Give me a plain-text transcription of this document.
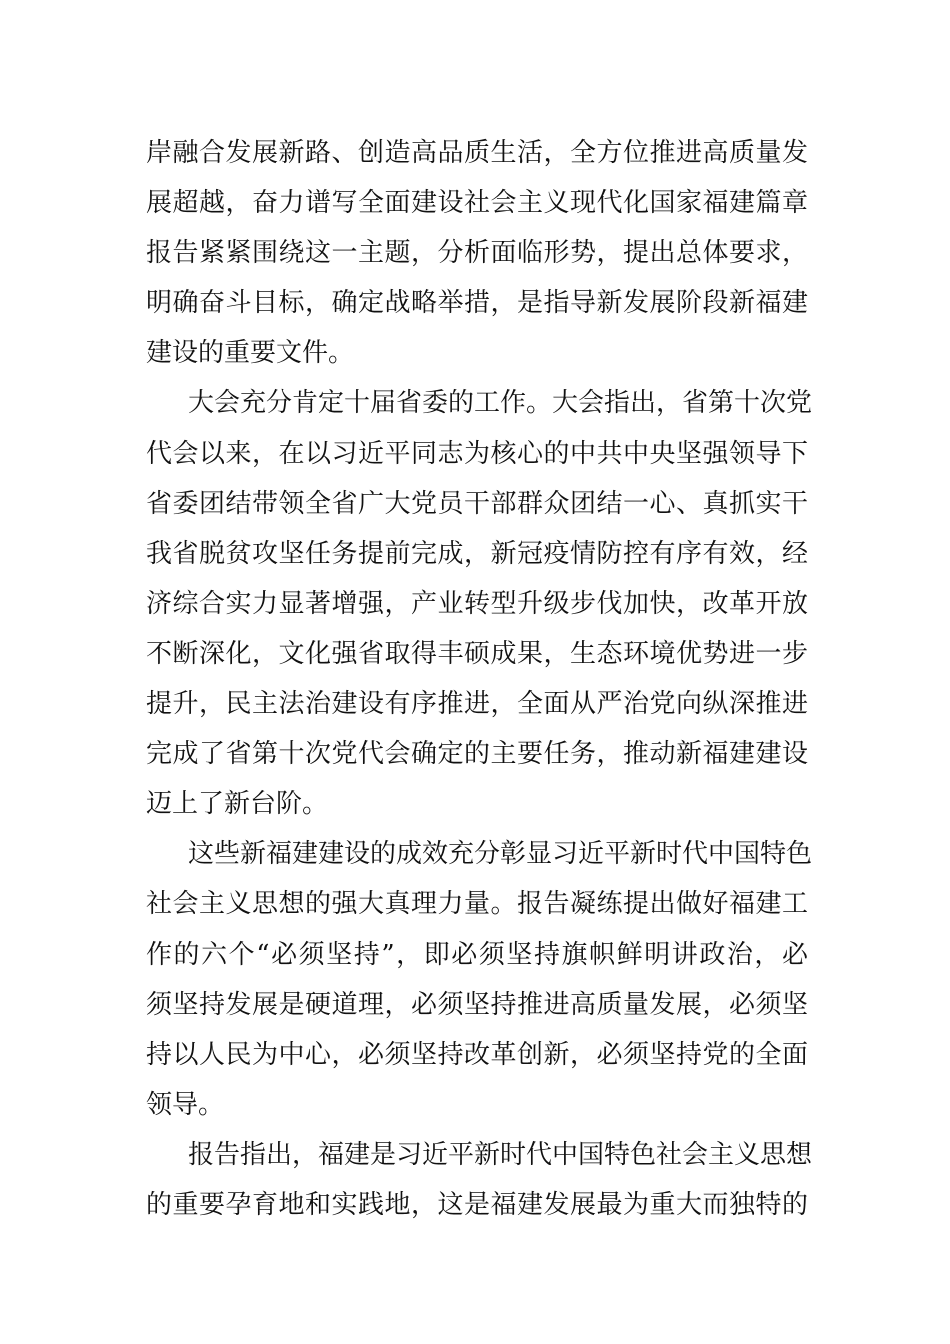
岸融合发展新路、创造高品质生活，全方位推进高质量发
展超越，奋力谱写全面建设社会主义现代化国家福建篇章
报告紧紧围绕这一主题，分析面临形势，提出总体要求，
明确奋斗目标，确定战略举措，是指导新发展阶段新福建
建设的重要文件。
大会充分肯定十届省委的工作。大会指出，省第十次党
代会以来，在以习近平同志为核心的中共中央坚强领导下
省委团结带领全省广大党员干部群众团结一心、真抓实干
我省脱贫攻坚任务提前完成，新冠疫情防控有序有效，经
济综合实力显著增强，产业转型升级步伐加快，改革开放
不断深化，文化强省取得丰硕成果，生态环境优势进一步
提升，民主法治建设有序推进，全面从严治党向纵深推进
完成了省第十次党代会确定的主要任务，推动新福建建设
迈上了新台阶。
这些新福建建设的成效充分彰显习近平新时代中国特色
社会主义思想的强大真理力量。报告凝练提出做好福建工
作的六个“必须坚持”，即必须坚持旗帜鲜明讲政治，必
须坚持发展是硬道理，必须坚持推进高质量发展，必须坚
持以人民为中心，必须坚持改革创新，必须坚持党的全面
领导。
报告指出，福建是习近平新时代中国特色社会主义思想
的重要孕育地和实践地，这是福建发展最为重大而独特的
